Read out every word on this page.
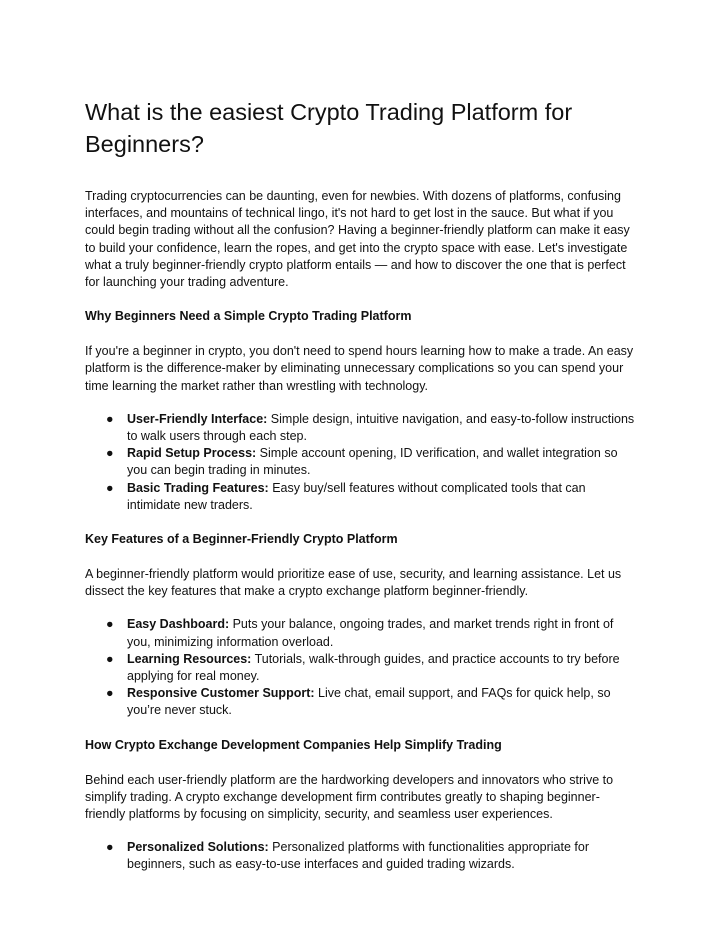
What is the easiest Crypto Trading Platform for Beginners?

Trading cryptocurrencies can be daunting, even for newbies. With dozens of platforms, confusing interfaces, and mountains of technical lingo, it's not hard to get lost in the sauce. But what if you could begin trading without all the confusion? Having a beginner-friendly platform can make it easy to build your confidence, learn the ropes, and get into the crypto space with ease. Let's investigate what a truly beginner-friendly crypto platform entails — and how to discover the one that is perfect for launching your trading adventure.

Why Beginners Need a Simple Crypto Trading Platform

If you're a beginner in crypto, you don't need to spend hours learning how to make a trade. An easy platform is the difference-maker by eliminating unnecessary complications so you can spend your time learning the market rather than wrestling with technology.

● User-Friendly Interface: Simple design, intuitive navigation, and easy-to-follow instructions to walk users through each step.
● Rapid Setup Process: Simple account opening, ID verification, and wallet integration so you can begin trading in minutes.
● Basic Trading Features: Easy buy/sell features without complicated tools that can intimidate new traders.
Key Features of a Beginner-Friendly Crypto Platform

A beginner-friendly platform would prioritize ease of use, security, and learning assistance. Let us dissect the key features that make a crypto exchange platform beginner-friendly.

● Easy Dashboard: Puts your balance, ongoing trades, and market trends right in front of you, minimizing information overload.
● Learning Resources: Tutorials, walk-through guides, and practice accounts to try before applying for real money.
● Responsive Customer Support: Live chat, email support, and FAQs for quick help, so you’re never stuck.
How Crypto Exchange Development Companies Help Simplify Trading

Behind each user-friendly platform are the hardworking developers and innovators who strive to simplify trading. A crypto exchange development firm contributes greatly to shaping beginner-friendly platforms by focusing on simplicity, security, and seamless user experiences.

● Personalized Solutions: Personalized platforms with functionalities appropriate for beginners, such as easy-to-use interfaces and guided trading wizards.
